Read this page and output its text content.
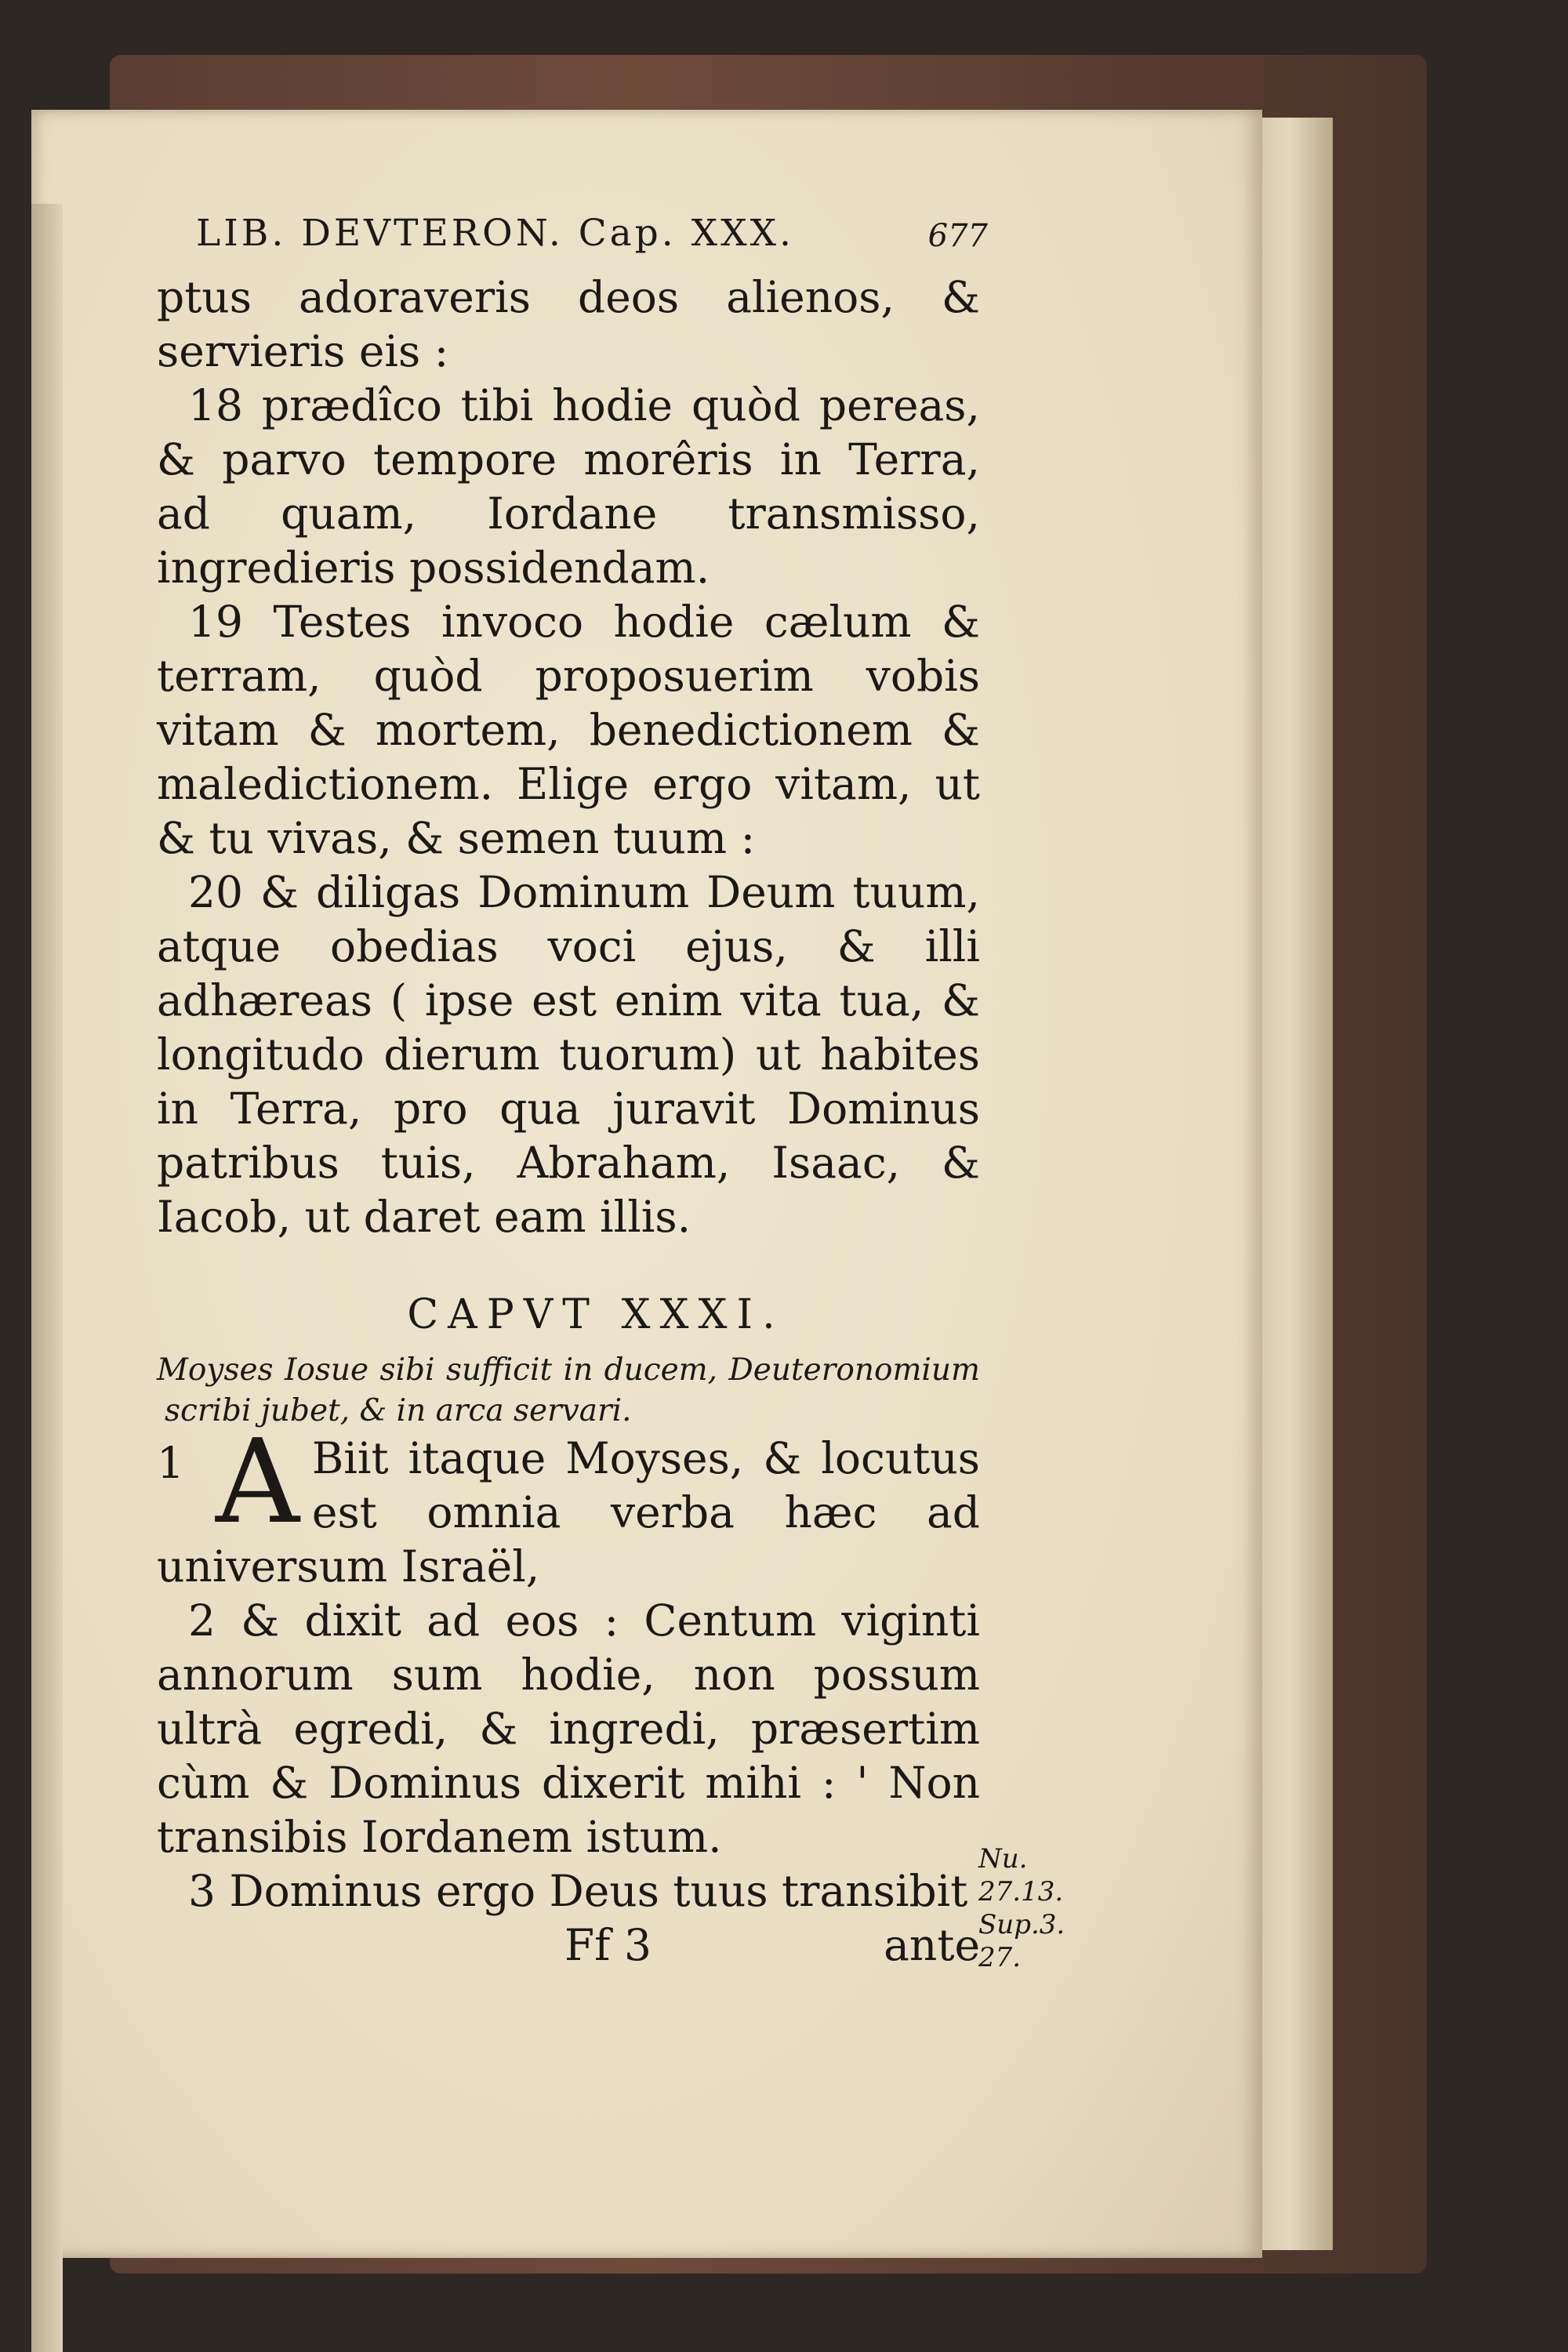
LIB. DEVTERON. Cap. XXX.	677

ptus adoraveris deos alienos, & servieris eis :

18 prædîco tibi hodie quòd pereas, & parvo tempore morêris in Terra, ad quam, Iordane transmisso, ingredieris possidendam.

19 Testes invoco hodie cælum & terram, quòd proposuerim vobis vitam & mortem, benedictionem & maledictionem. Elige ergo vitam, ut & tu vivas, & semen tuum :

20 & diligas Dominum Deum tuum, atque obedias voci ejus, & illi adhæreas ( ipse est enim vita tua, & longitudo dierum tuorum) ut habites in Terra, pro qua juravit Dominus patribus tuis, Abraham, Isaac, & Iacob, ut daret eam illis.

CAPVT XXXI.

Moyses Iosue sibi sufficit in ducem, Deuteronomium scribi jubet, & in arca servari.

1 A Biit itaque Moyses, & locutus est omnia verba hæc ad universum Israël,

2 & dixit ad eos : Centum viginti annorum sum hodie, non possum ultrà egredi, & ingredi, præsertim cùm & Dominus dixerit mihi : ' Non transibis Iordanem istum.

3 Dominus ergo Deus tuus transibit

Ff 3	ante
Nu. 27.13. Sup.3. 27.
